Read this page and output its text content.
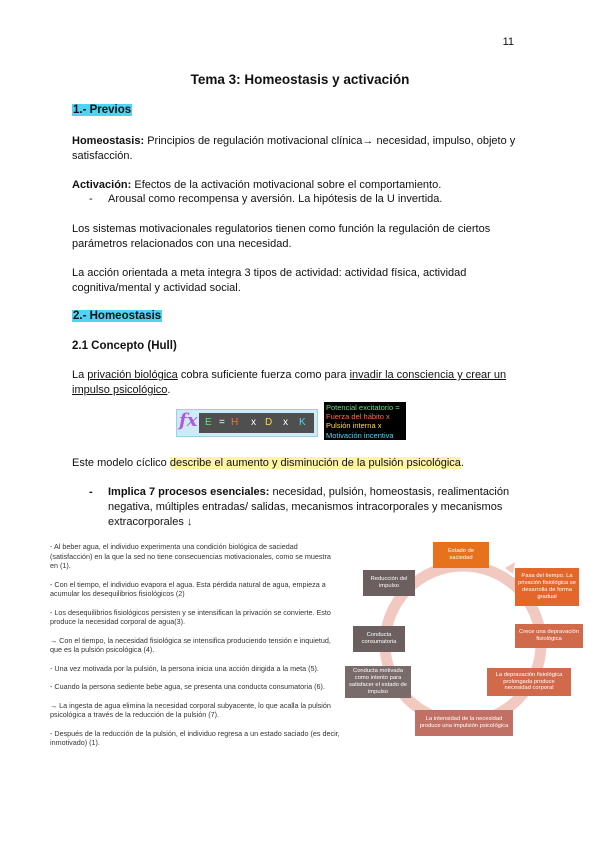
11
Tema 3: Homeostasis y activación
1.- Previos
Homeostasis: Principios de regulación motivacional clínica→ necesidad, impulso, objeto y satisfacción.
Activación: Efectos de la activación motivacional sobre el comportamiento.
-	Arousal como recompensa y aversión. La hipótesis de la U invertida.
Los sistemas motivacionales regulatorios tienen como función la regulación de ciertos parámetros relacionados con una necesidad.
La acción orientada a meta integra 3 tipos de actividad: actividad física, actividad cognitiva/mental y actividad social.
2.- Homeostasis
2.1 Concepto (Hull)
La privación biológica cobra suficiente fuerza como para invadir la consciencia y crear un impulso psicológico.
fx E = H x D x K
Potencial excitatorio =
Fuerza del hábito x
Pulsión interna x
Motivación incentiva
Este modelo cíclico describe el aumento y disminución de la pulsión psicológica.
-	Implica 7 procesos esenciales: necesidad, pulsión, homeostasis, realimentación negativa, múltiples entradas/ salidas, mecanismos intracorporales y mecanismos extracorporales ↓

- Al beber agua, el individuo experimenta una condición biológica de saciedad (satisfacción) en la que la sed no tiene consecuencias motivacionales, como se muestra en (1).

- Con el tiempo, el individuo evapora el agua. Esta pérdida natural de agua, empieza a acumular los desequilibrios fisiológicos (2)

- Los desequilibrios fisiológicos persisten y se intensifican la privación se convierte. Esto produce la necesidad corporal de agua(3).

→ Con el tiempo, la necesidad fisiológica se intensifica produciendo tensión e inquietud, que es la pulsión psicológica (4).

- Una vez motivada por la pulsión, la persona inicia una acción dirigida a la meta (5).

- Cuando la persona sediente bebe agua, se presenta una conducta consumatoria (6).

→ La ingesta de agua elimina la necesidad corporal subyacente, lo que acalla la pulsión psicológica a través de la reducción de la pulsión (7).

- Después de la reducción de la pulsión, el individuo regresa a un estado saciado (es decir, inmotivado) (1).

Estado de saciedad
Pasa del tiempo. La privación fisiológica se desarrolla de forma gradual
Crece una depravación fisiológica
La depravación fisiológica prolongada produce necesidad corporal
La intensidad de la necesidad produce una impulsión psicológica
Conducta motivada como intento para satisfacer el estado de impulso
Conducta consumatoria
Reducción del impulso
